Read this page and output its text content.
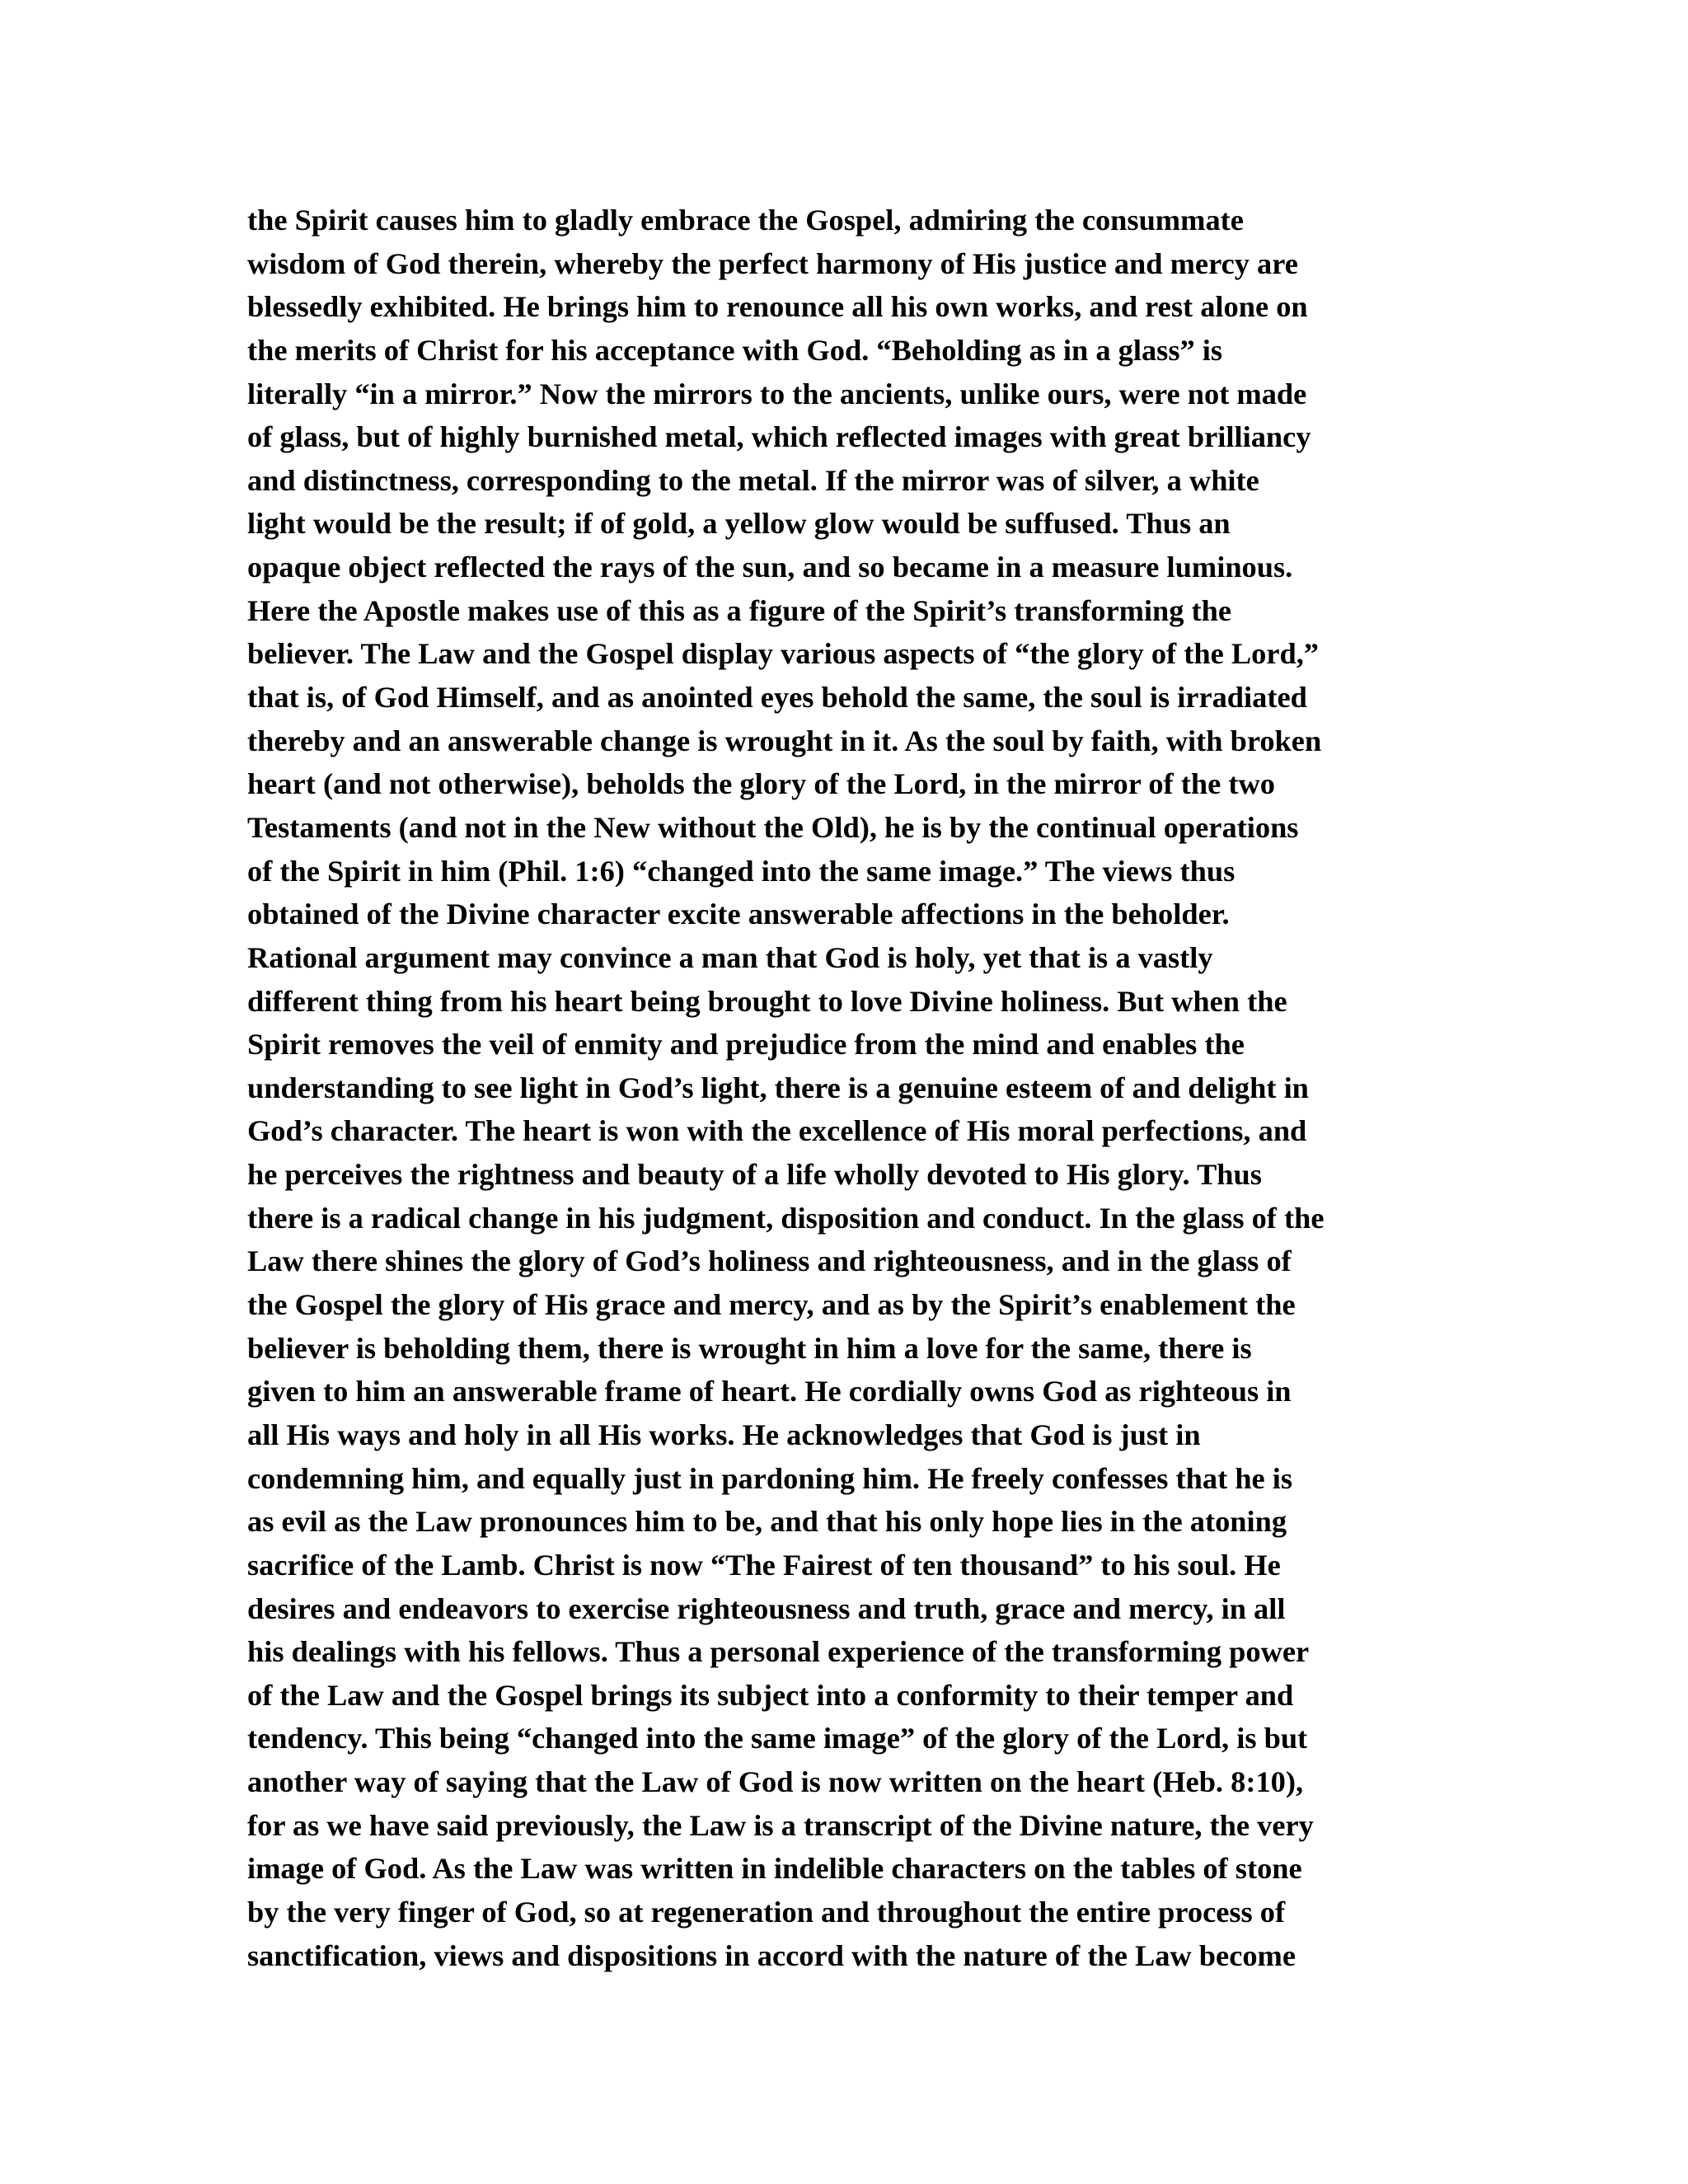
the Spirit causes him to gladly embrace the Gospel, admiring the consummate
wisdom of God therein, whereby the perfect harmony of His justice and mercy are
blessedly exhibited. He brings him to renounce all his own works, and rest alone on
the merits of Christ for his acceptance with God. “Beholding as in a glass” is
literally “in a mirror.” Now the mirrors to the ancients, unlike ours, were not made
of glass, but of highly burnished metal, which reflected images with great brilliancy
and distinctness, corresponding to the metal. If the mirror was of silver, a white
light would be the result; if of gold, a yellow glow would be suffused. Thus an
opaque object reflected the rays of the sun, and so became in a measure luminous.
Here the Apostle makes use of this as a figure of the Spirit’s transforming the
believer. The Law and the Gospel display various aspects of “the glory of the Lord,”
that is, of God Himself, and as anointed eyes behold the same, the soul is irradiated
thereby and an answerable change is wrought in it. As the soul by faith, with broken
heart (and not otherwise), beholds the glory of the Lord, in the mirror of the two
Testaments (and not in the New without the Old), he is by the continual operations
of the Spirit in him (Phil. 1:6) “changed into the same image.” The views thus
obtained of the Divine character excite answerable affections in the beholder.
Rational argument may convince a man that God is holy, yet that is a vastly
different thing from his heart being brought to love Divine holiness. But when the
Spirit removes the veil of enmity and prejudice from the mind and enables the
understanding to see light in God’s light, there is a genuine esteem of and delight in
God’s character. The heart is won with the excellence of His moral perfections, and
he perceives the rightness and beauty of a life wholly devoted to His glory. Thus
there is a radical change in his judgment, disposition and conduct. In the glass of the
Law there shines the glory of God’s holiness and righteousness, and in the glass of
the Gospel the glory of His grace and mercy, and as by the Spirit’s enablement the
believer is beholding them, there is wrought in him a love for the same, there is
given to him an answerable frame of heart. He cordially owns God as righteous in
all His ways and holy in all His works. He acknowledges that God is just in
condemning him, and equally just in pardoning him. He freely confesses that he is
as evil as the Law pronounces him to be, and that his only hope lies in the atoning
sacrifice of the Lamb. Christ is now “The Fairest of ten thousand” to his soul. He
desires and endeavors to exercise righteousness and truth, grace and mercy, in all
his dealings with his fellows. Thus a personal experience of the transforming power
of the Law and the Gospel brings its subject into a conformity to their temper and
tendency. This being “changed into the same image” of the glory of the Lord, is but
another way of saying that the Law of God is now written on the heart (Heb. 8:10),
for as we have said previously, the Law is a transcript of the Divine nature, the very
image of God. As the Law was written in indelible characters on the tables of stone
by the very finger of God, so at regeneration and throughout the entire process of
sanctification, views and dispositions in accord with the nature of the Law become
